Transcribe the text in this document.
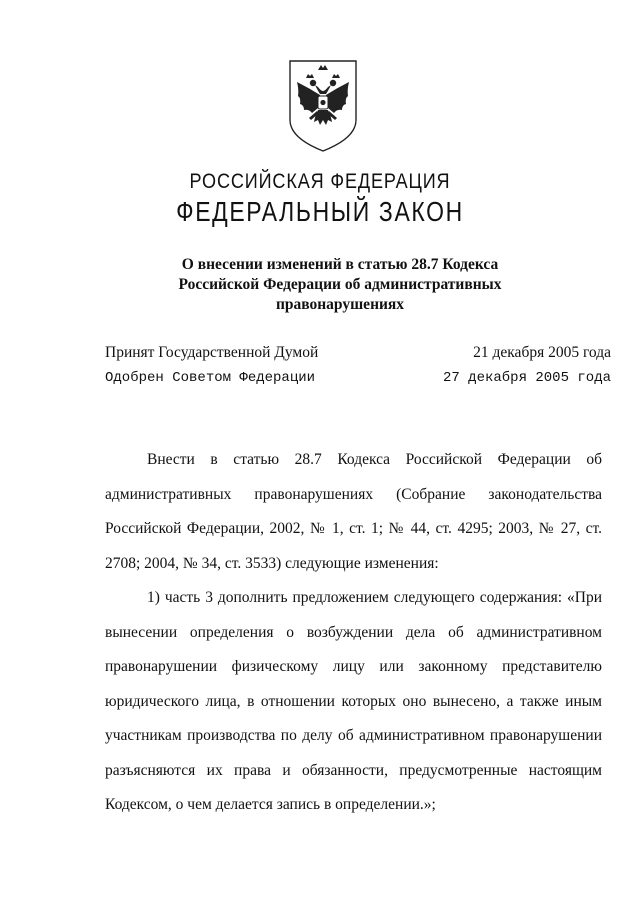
РОССИЙСКАЯ ФЕДЕРАЦИЯ
ФЕДЕРАЛЬНЫЙ ЗАКОН
О внесении изменений в статью 28.7 Кодекса Российской Федерации об административных правонарушениях
Принят Государственной Думой	21 декабря 2005 года
Одобрен Советом Федерации	27 декабря 2005 года

Внести в статью 28.7 Кодекса Российской Федерации об административных правонарушениях (Собрание законодательства Российской Федерации, 2002, № 1, ст. 1; № 44, ст. 4295; 2003, № 27, ст. 2708; 2004, № 34, ст. 3533) следующие изменения:

1) часть 3 дополнить предложением следующего содержания: «При вынесении определения о возбуждении дела об административном правонарушении физическому лицу или законному представителю юридического лица, в отношении которых оно вынесено, а также иным участникам производства по делу об административном правонарушении разъясняются их права и обязанности, предусмотренные настоящим Кодексом, о чем делается запись в определении.»;
